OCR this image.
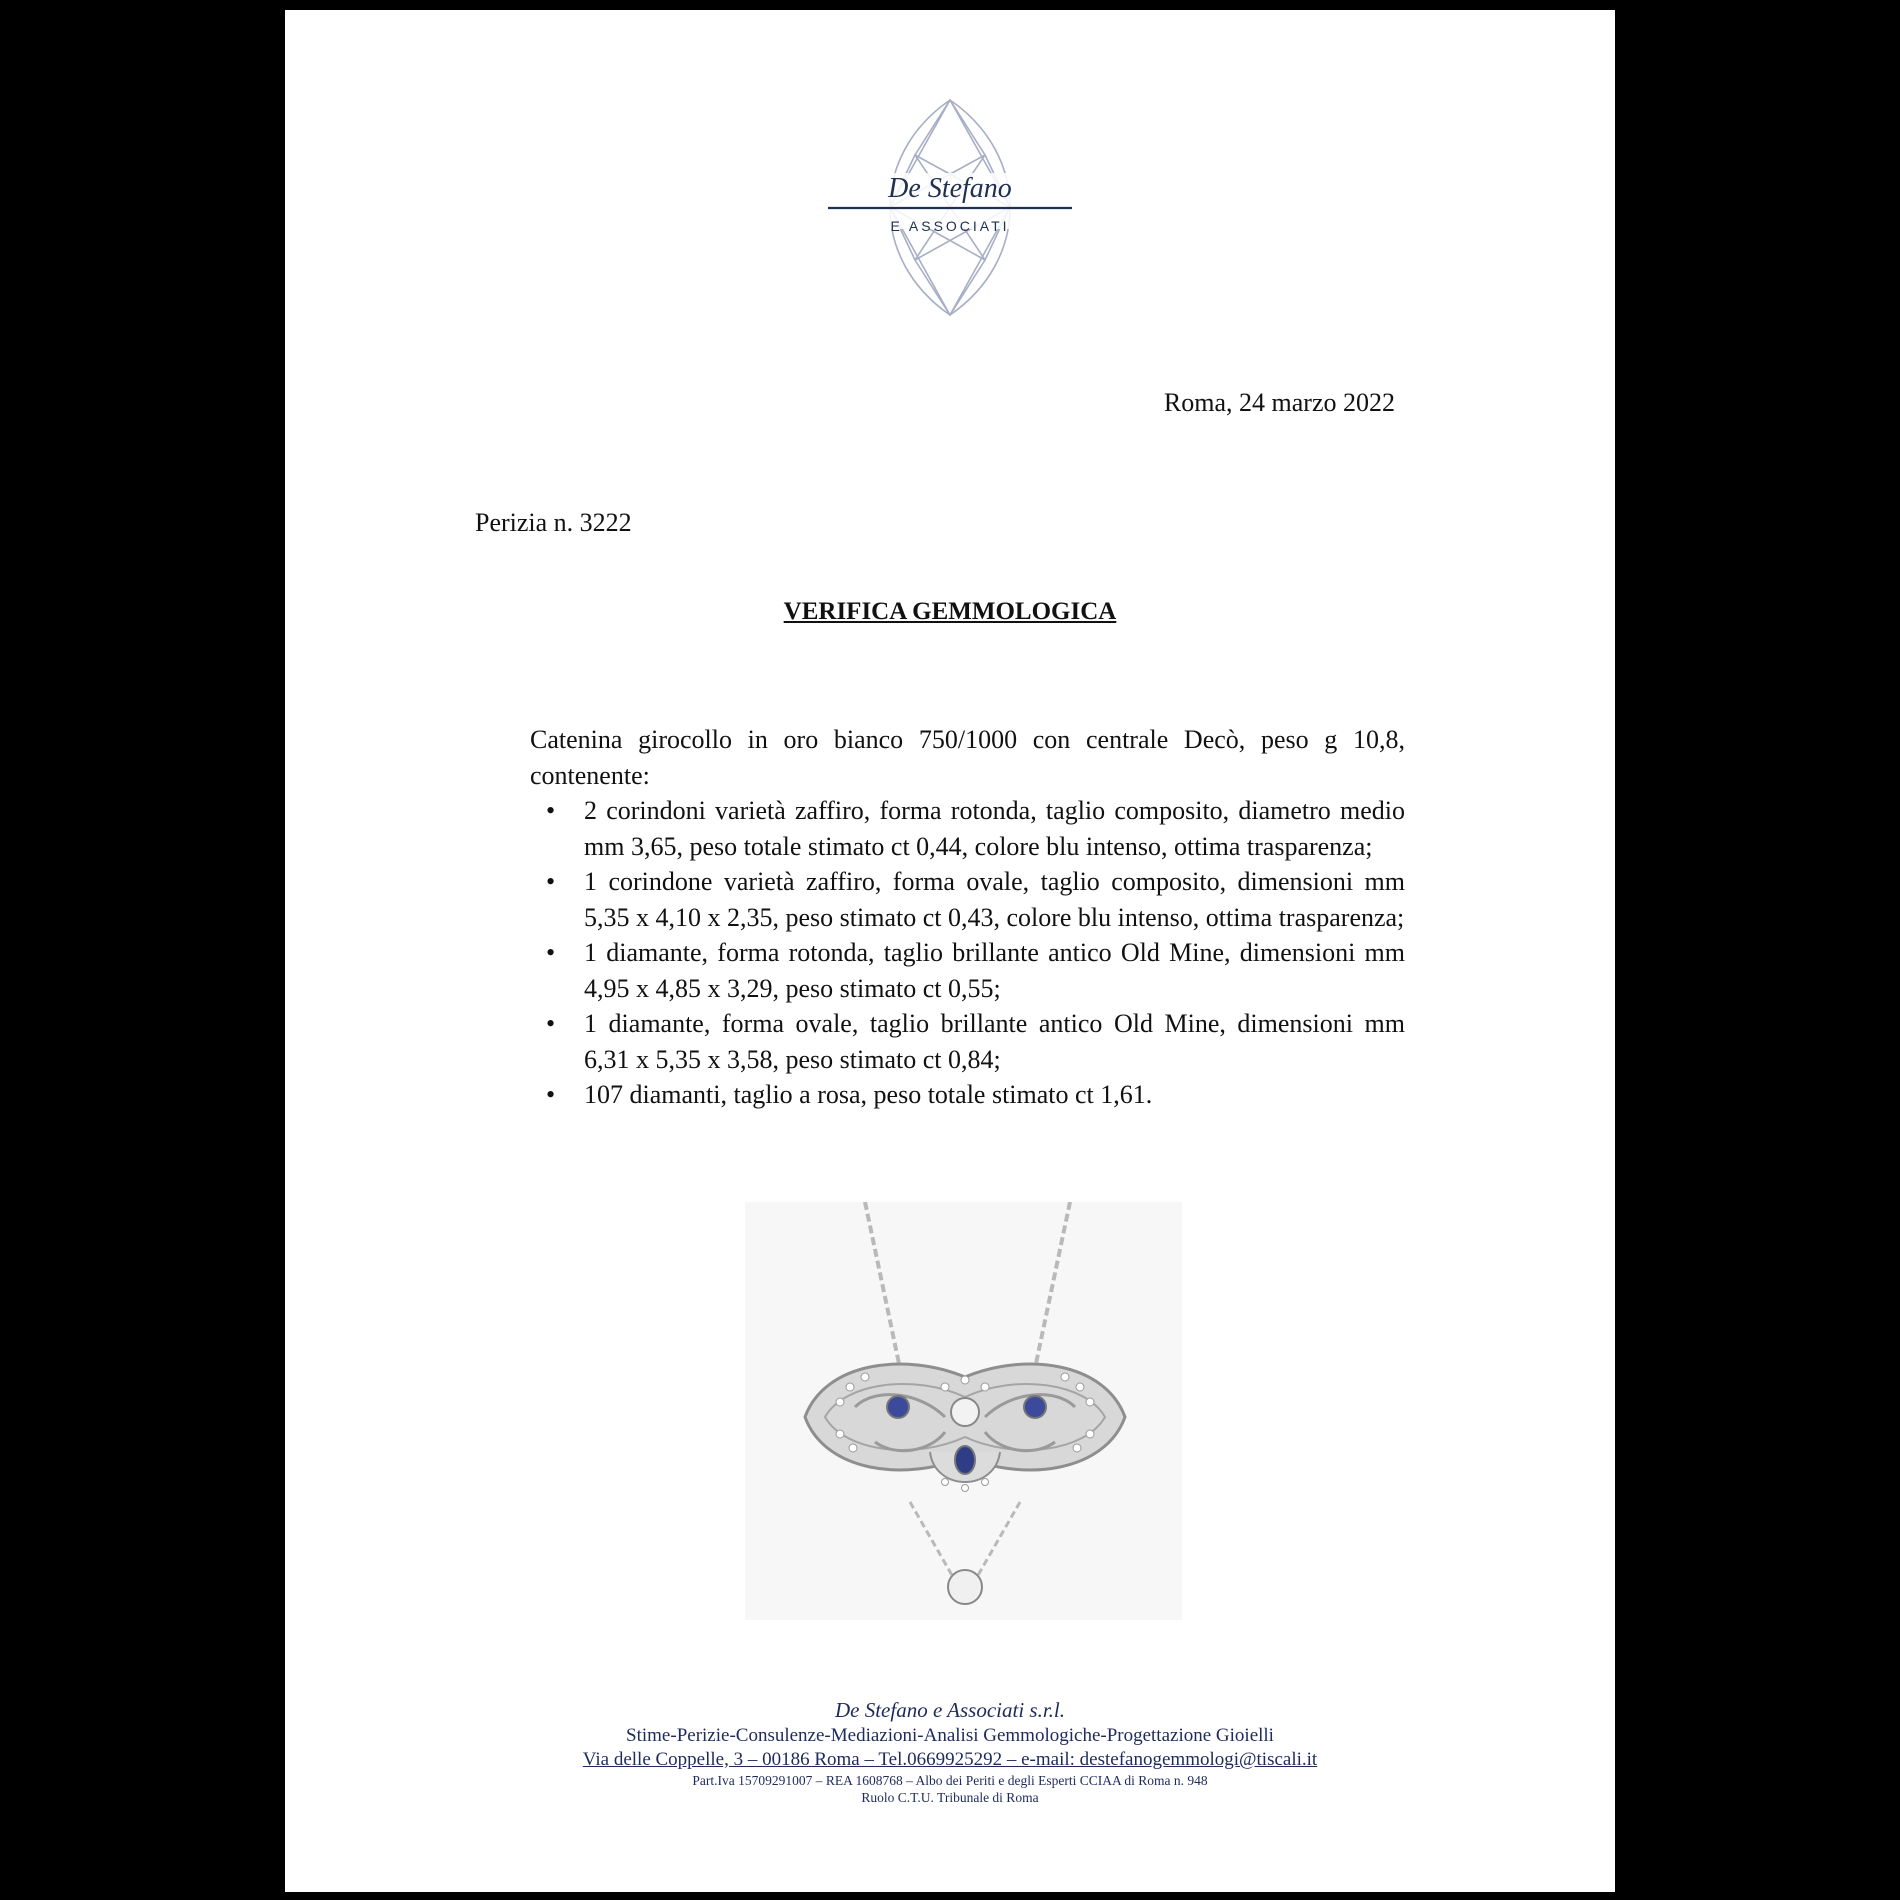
De Stefano
E ASSOCIATI
Roma, 24 marzo 2022
Perizia n. 3222
VERIFICA GEMMOLOGICA

Catenina girocollo in oro bianco 750/1000 con centrale Decò, peso g 10,8, contenente:

• 2 corindoni varietà zaffiro, forma rotonda, taglio composito, diametro medio mm 3,65, peso totale stimato ct 0,44, colore blu intenso, ottima trasparenza;
• 1 corindone varietà zaffiro, forma ovale, taglio composito, dimensioni mm 5,35 x 4,10 x 2,35, peso stimato ct 0,43, colore blu intenso, ottima trasparenza;
• 1 diamante, forma rotonda, taglio brillante antico Old Mine, dimensioni mm 4,95 x 4,85 x 3,29, peso stimato ct 0,55;
• 1 diamante, forma ovale, taglio brillante antico Old Mine, dimensioni mm 6,31 x 5,35 x 3,58, peso stimato ct 0,84;
• 107 diamanti, taglio a rosa, peso totale stimato ct 1,61.
De Stefano e Associati s.r.l.
Stime-Perizie-Consulenze-Mediazioni-Analisi Gemmologiche-Progettazione Gioielli
Via delle Coppelle, 3 – 00186 Roma – Tel.0669925292 – e-mail: destefanogemmologi@tiscali.it
Part.Iva 15709291007 – REA 1608768 – Albo dei Periti e degli Esperti CCIAA di Roma n. 948
Ruolo C.T.U. Tribunale di Roma
